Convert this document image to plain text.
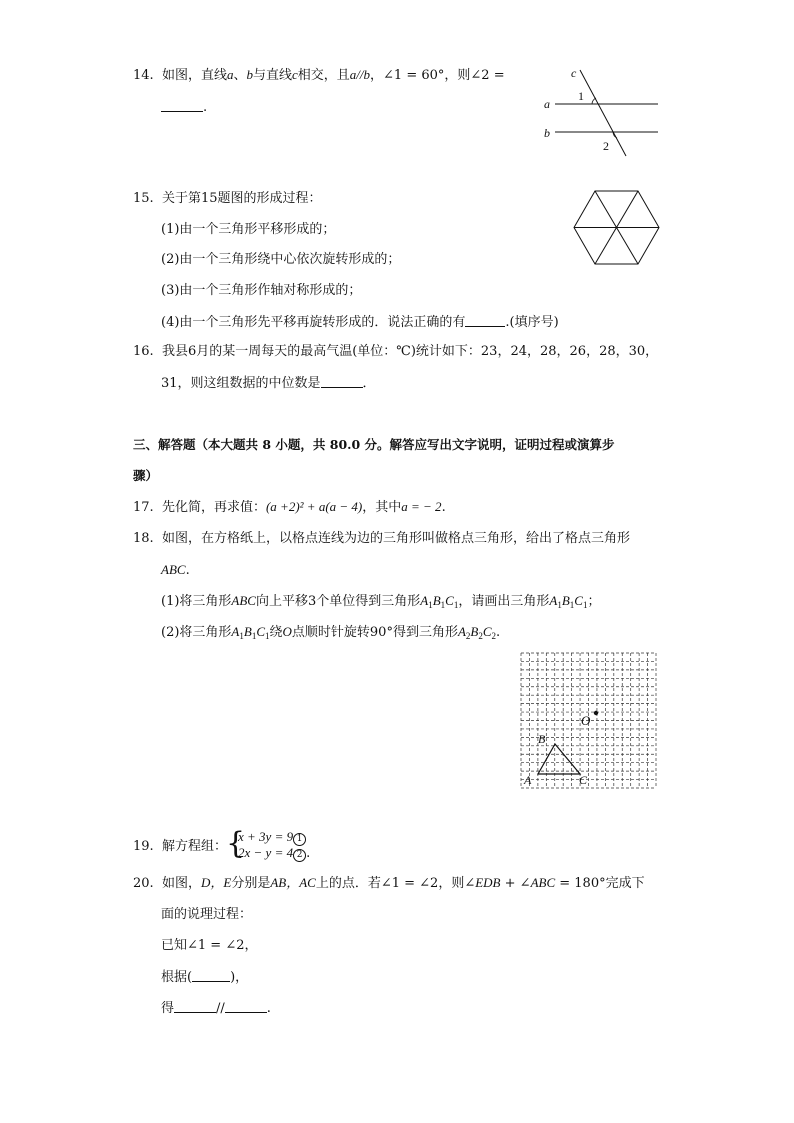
14. 如图，直线a、b与直线c相交，且a//b，∠1 = 60°，则∠2 =
.
c
a
b
1
2
15. 关于第15题图的形成过程：
(1)由一个三角形平移形成的；
(2)由一个三角形绕中心依次旋转形成的；
(3)由一个三角形作轴对称形成的；
(4)由一个三角形先平移再旋转形成的．说法正确的有	.(填序号)
16. 我县6月的某一周每天的最高气温(单位：℃)统计如下：23，24，28，26，28，30，
31，则这组数据的中位数是	．
三、解答题（本大题共 8 小题，共 80.0 分。解答应写出文字说明，证明过程或演算步
骤）
17. 先化简，再求值：(a +2)² + a(a − 4)，其中a = − 2.
18. 如图，在方格纸上，以格点连线为边的三角形叫做格点三角形，给出了格点三角形
ABC.
(1)将三角形ABC向上平移3个单位得到三角形$A_1B_1C_1$，请画出三角形$A_1B_1C_1$；
(2)将三角形$A_1B_1C_1$绕O点顺时针旋转90°得到三角形$A_2B_2C_2$.
O
A
B
C
19. 解方程组： {
x + 3y = 9 1
2x − y = 4 2 .
20. 如图，D，E分别是AB，AC上的点．若∠1 = ∠2，则∠EDB + ∠ABC = 180°完成下
面的说理过程：
已知∠1 = ∠2，
根据(	)，
得	//	.
